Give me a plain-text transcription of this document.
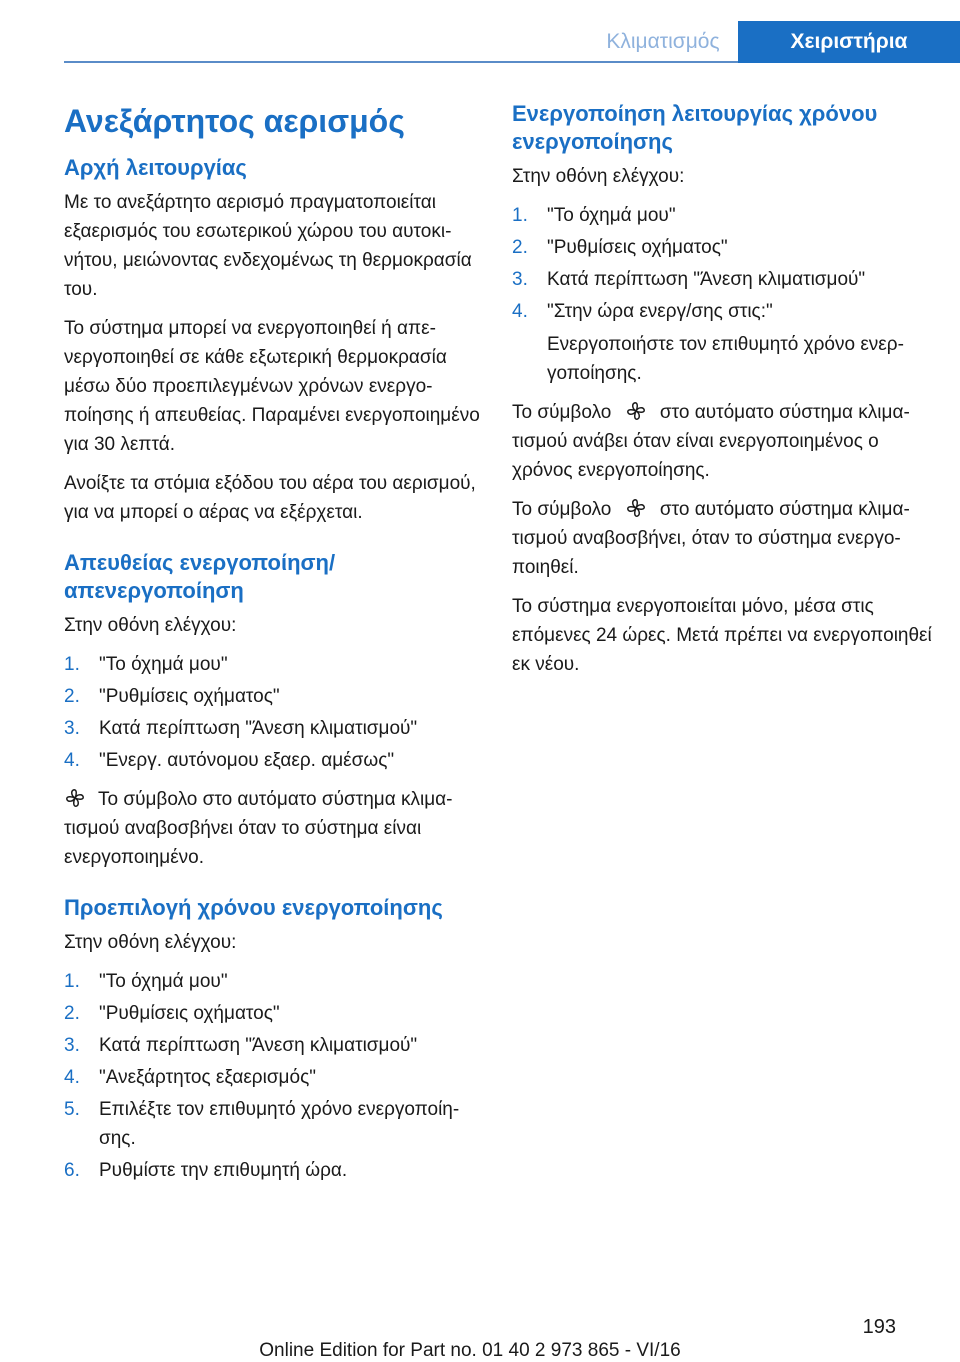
Κλιματισμός	Χειριστήρια
Ανεξάρτητος αερισμός
Αρχή λειτουργίας

Με το ανεξάρτητο αερισμό πραγματοποιείται εξαερισμός του εσωτερικού χώρου του αυτοκινήτου, μειώνοντας ενδεχομένως τη θερμοκρασία του.

Το σύστημα μπορεί να ενεργοποιηθεί ή απενεργοποιηθεί σε κάθε εξωτερική θερμοκρασία μέσω δύο προεπιλεγμένων χρόνων ενεργοποίησης ή απευθείας. Παραμένει ενεργοποιημένο για 30 λεπτά.

Ανοίξτε τα στόμια εξόδου του αέρα του αερισμού, για να μπορεί ο αέρας να εξέρχεται.

Απευθείας ενεργοποίηση/ απενεργοποίηση

Στην οθόνη ελέγχου:

1. "Το όχημά μου"
2. "Ρυθμίσεις οχήματος"
3. Κατά περίπτωση "Άνεση κλιματισμού"
4. "Ενεργ. αυτόνομου εξαερ. αμέσως"

Το σύμβολο στο αυτόματο σύστημα κλιματισμού αναβοσβήνει όταν το σύστημα είναι ενεργοποιημένο.

Προεπιλογή χρόνου ενεργοποίησης

Στην οθόνη ελέγχου:

1. "Το όχημά μου"
2. "Ρυθμίσεις οχήματος"
3. Κατά περίπτωση "Άνεση κλιματισμού"
4. "Ανεξάρτητος εξαερισμός"
5. Επιλέξτε τον επιθυμητό χρόνο ενεργοποίησης.
6. Ρυθμίστε την επιθυμητή ώρα.
Ενεργοποίηση λειτουργίας χρόνου ενεργοποίησης

Στην οθόνη ελέγχου:

1. "Το όχημά μου"
2. "Ρυθμίσεις οχήματος"
3. Κατά περίπτωση "Άνεση κλιματισμού"
4. "Στην ώρα ενεργ/σης στις:"
Ενεργοποιήστε τον επιθυμητό χρόνο ενεργοποίησης.

Το σύμβολο	στο αυτόματο σύστημα κλιματισμού ανάβει όταν είναι ενεργοποιημένος ο χρόνος ενεργοποίησης.

Το σύμβολο	στο αυτόματο σύστημα κλιματισμού αναβοσβήνει, όταν το σύστημα ενεργοποιηθεί.

Το σύστημα ενεργοποιείται μόνο, μέσα στις επόμενες 24 ώρες. Μετά πρέπει να ενεργοποιηθεί εκ νέου.

193
Online Edition for Part no. 01 40 2 973 865 - VI/16
